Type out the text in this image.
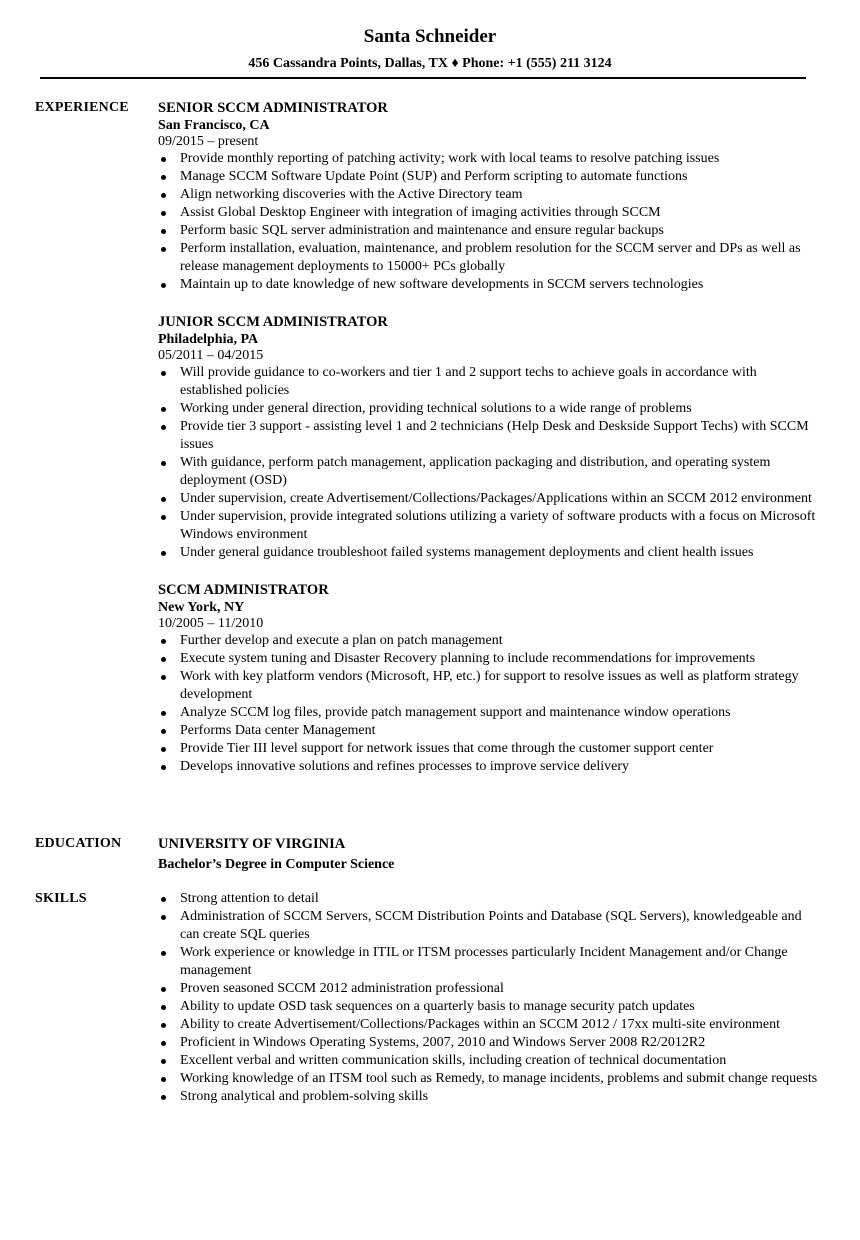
Santa Schneider
456 Cassandra Points, Dallas, TX ♦ Phone: +1 (555) 211 3124
EXPERIENCE SENIOR SCCM ADMINISTRATOR
San Francisco, CA
09/2015 – present
Provide monthly reporting of patching activity; work with local teams to resolve patching issues
Manage SCCM Software Update Point (SUP) and Perform scripting to automate functions
Align networking discoveries with the Active Directory team
Assist Global Desktop Engineer with integration of imaging activities through SCCM
Perform basic SQL server administration and maintenance and ensure regular backups
Perform installation, evaluation, maintenance, and problem resolution for the SCCM server and DPs as well as release management deployments to 15000+ PCs globally
Maintain up to date knowledge of new software developments in SCCM servers technologies
JUNIOR SCCM ADMINISTRATOR
Philadelphia, PA
05/2011 – 04/2015
Will provide guidance to co-workers and tier 1 and 2 support techs to achieve goals in accordance with established policies
Working under general direction, providing technical solutions to a wide range of problems
Provide tier 3 support - assisting level 1 and 2 technicians (Help Desk and Deskside Support Techs) with SCCM issues
With guidance, perform patch management, application packaging and distribution, and operating system deployment (OSD)
Under supervision, create Advertisement/Collections/Packages/Applications within an SCCM 2012 environment
Under supervision, provide integrated solutions utilizing a variety of software products with a focus on Microsoft Windows environment
Under general guidance troubleshoot failed systems management deployments and client health issues
SCCM ADMINISTRATOR
New York, NY
10/2005 – 11/2010
Further develop and execute a plan on patch management
Execute system tuning and Disaster Recovery planning to include recommendations for improvements
Work with key platform vendors (Microsoft, HP, etc.) for support to resolve issues as well as platform strategy development
Analyze SCCM log files, provide patch management support and maintenance window operations
Performs Data center Management
Provide Tier III level support for network issues that come through the customer support center
Develops innovative solutions and refines processes to improve service delivery
EDUCATION	UNIVERSITY OF VIRGINIA
Bachelor’s Degree in Computer Science
SKILLS	Strong attention to detail
Administration of SCCM Servers, SCCM Distribution Points and Database (SQL Servers), knowledgeable and can create SQL queries
Work experience or knowledge in ITIL or ITSM processes particularly Incident Management and/or Change management
Proven seasoned SCCM 2012 administration professional
Ability to update OSD task sequences on a quarterly basis to manage security patch updates
Ability to create Advertisement/Collections/Packages within an SCCM 2012 / 17xx multi-site environment
Proficient in Windows Operating Systems, 2007, 2010 and Windows Server 2008 R2/2012R2
Excellent verbal and written communication skills, including creation of technical documentation
Working knowledge of an ITSM tool such as Remedy, to manage incidents, problems and submit change requests
Strong analytical and problem-solving skills
